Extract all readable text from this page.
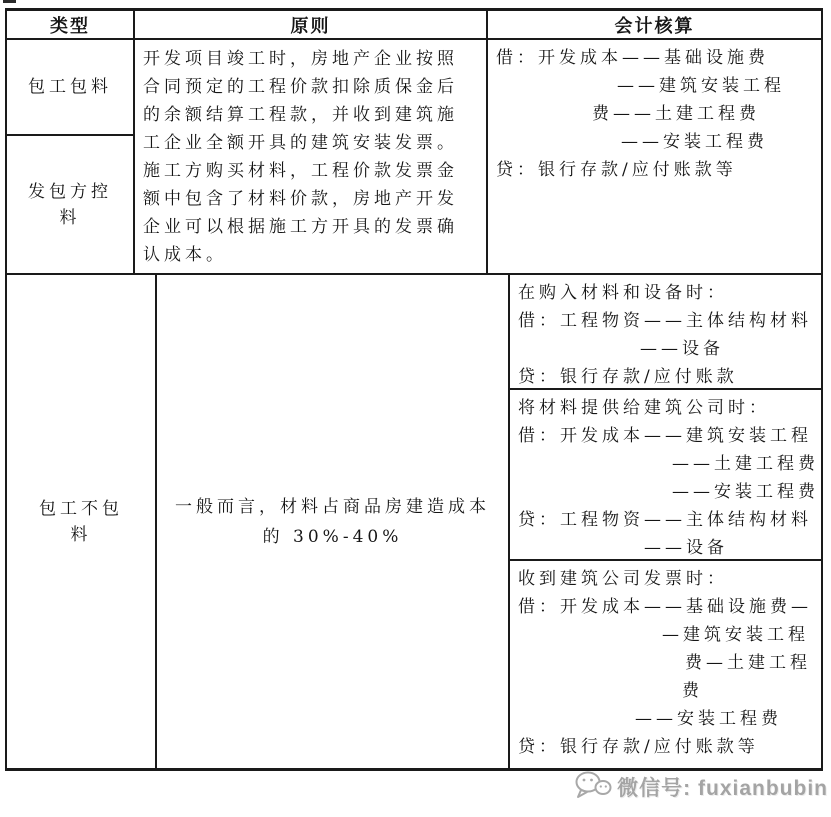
类型	原则	会计核算
包工包料
发包方控料
开发项目竣工时，房地产企业按照
合同预定的工程价款扣除质保金后
的余额结算工程款，并收到建筑施
工企业全额开具的建筑安装发票。
施工方购买材料，工程价款发票金
额中包含了材料价款，房地产开发
企业可以根据施工方开具的发票确
认成本。
借：开发成本——基础设施费
——建筑安装工程
费——土建工程费
——安装工程费
贷：银行存款/应付账款等
包工不包料
一般而言，材料占商品房建造成本
的 30%-40%
在购入材料和设备时：
借：工程物资——主体结构材料
——设备
贷：银行存款/应付账款
将材料提供给建筑公司时：
借：开发成本——建筑安装工程
——土建工程费
——安装工程费
贷：工程物资——主体结构材料
——设备
收到建筑公司发票时：
借：开发成本——基础设施费—
—建筑安装工程
费—土建工程
费
——安装工程费
贷：银行存款/应付账款等
微信号: fuxianbubin
